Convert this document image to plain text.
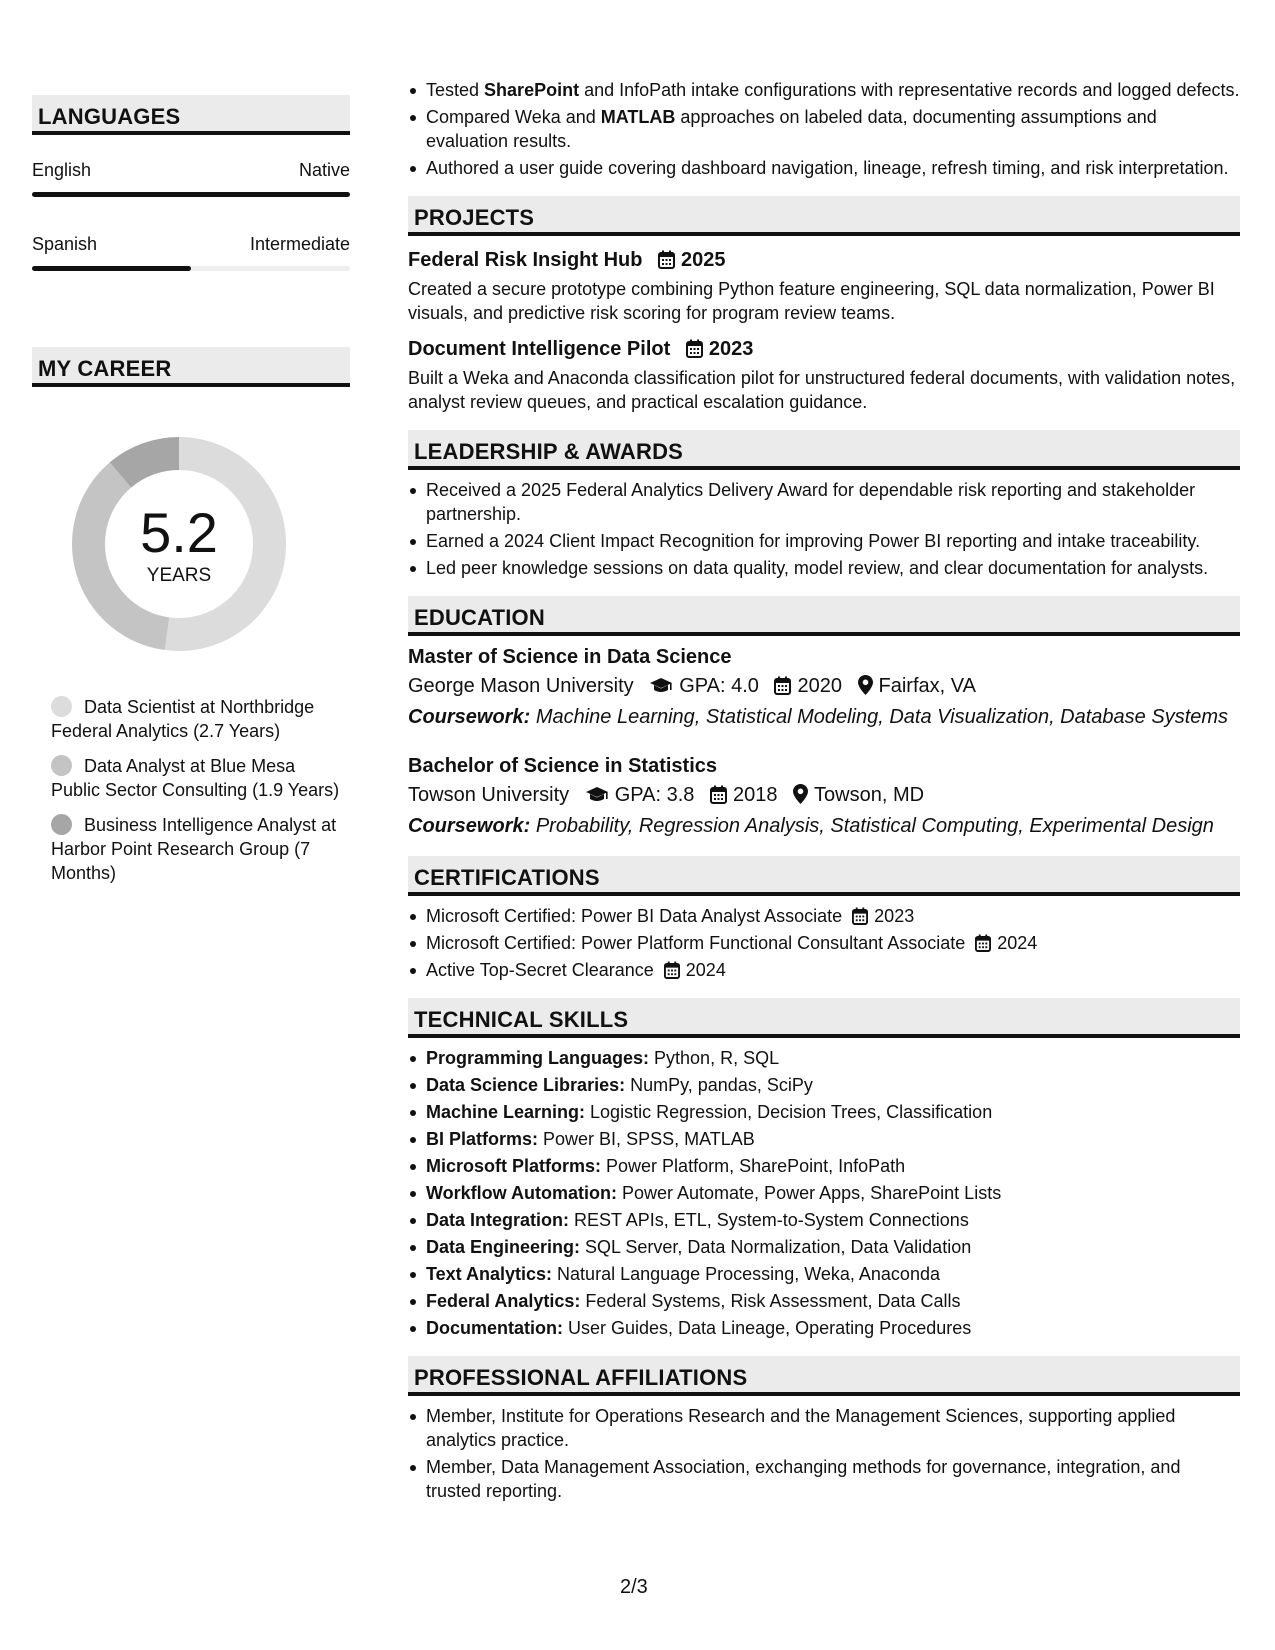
LANGUAGES
English	Native
Spanish	Intermediate
MY CAREER
5.2
YEARS
Data Scientist at Northbridge Federal Analytics (2.7 Years)
Data Analyst at Blue Mesa Public Sector Consulting (1.9 Years)
Business Intelligence Analyst at Harbor Point Research Group (7 Months)
Tested SharePoint and InfoPath intake configurations with representative records and logged defects.
Compared Weka and MATLAB approaches on labeled data, documenting assumptions and evaluation results.
Authored a user guide covering dashboard navigation, lineage, refresh timing, and risk interpretation.
PROJECTS
Federal Risk Insight Hub 2025
Created a secure prototype combining Python feature engineering, SQL data normalization, Power BI visuals, and predictive risk scoring for program review teams.
Document Intelligence Pilot 2023
Built a Weka and Anaconda classification pilot for unstructured federal documents, with validation notes, analyst review queues, and practical escalation guidance.
LEADERSHIP & AWARDS
Received a 2025 Federal Analytics Delivery Award for dependable risk reporting and stakeholder partnership.
Earned a 2024 Client Impact Recognition for improving Power BI reporting and intake traceability.
Led peer knowledge sessions on data quality, model review, and clear documentation for analysts.
EDUCATION
Master of Science in Data Science
George Mason University GPA: 4.0 2020 Fairfax, VA
Coursework: Machine Learning, Statistical Modeling, Data Visualization, Database Systems
Bachelor of Science in Statistics
Towson University GPA: 3.8 2018 Towson, MD
Coursework: Probability, Regression Analysis, Statistical Computing, Experimental Design
CERTIFICATIONS
Microsoft Certified: Power BI Data Analyst Associate 2023
Microsoft Certified: Power Platform Functional Consultant Associate 2024
Active Top-Secret Clearance 2024
TECHNICAL SKILLS
Programming Languages: Python, R, SQL
Data Science Libraries: NumPy, pandas, SciPy
Machine Learning: Logistic Regression, Decision Trees, Classification
BI Platforms: Power BI, SPSS, MATLAB
Microsoft Platforms: Power Platform, SharePoint, InfoPath
Workflow Automation: Power Automate, Power Apps, SharePoint Lists
Data Integration: REST APIs, ETL, System-to-System Connections
Data Engineering: SQL Server, Data Normalization, Data Validation
Text Analytics: Natural Language Processing, Weka, Anaconda
Federal Analytics: Federal Systems, Risk Assessment, Data Calls
Documentation: User Guides, Data Lineage, Operating Procedures
PROFESSIONAL AFFILIATIONS
Member, Institute for Operations Research and the Management Sciences, supporting applied analytics practice.
Member, Data Management Association, exchanging methods for governance, integration, and trusted reporting.
2/3
